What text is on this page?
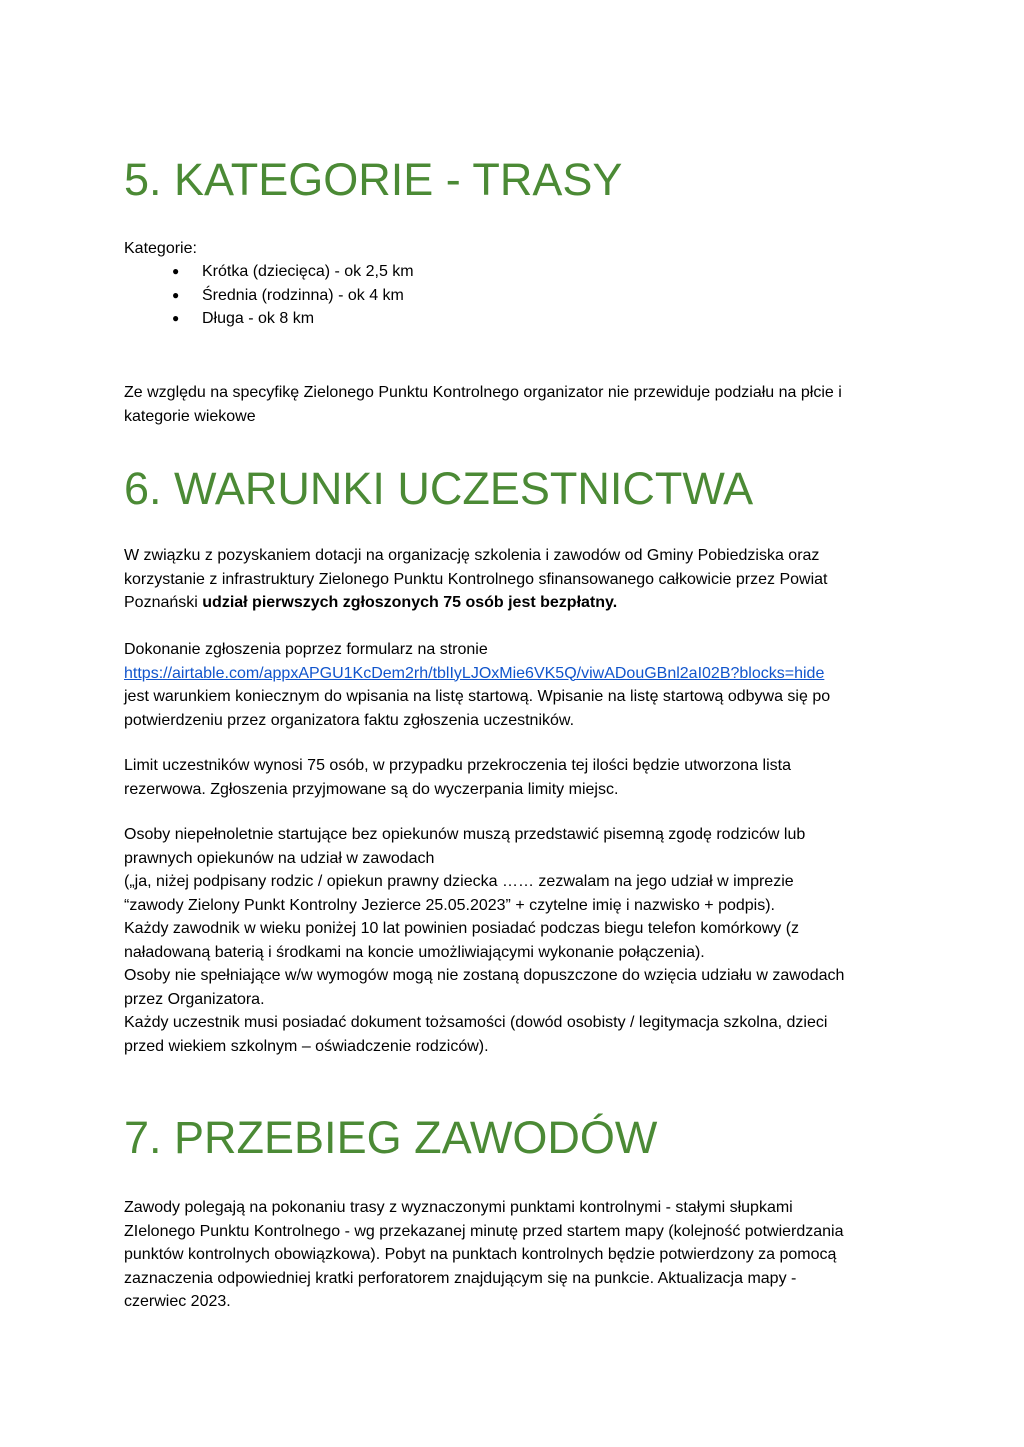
5. KATEGORIE - TRASY

Kategorie:

● Krótka (dziecięca) - ok 2,5 km
● Średnia (rodzinna) - ok 4 km
● Długa - ok 8 km

Ze względu na specyfikę Zielonego Punktu Kontrolnego organizator nie przewiduje podziału na płcie i
kategorie wiekowe

6. WARUNKI UCZESTNICTWA

W związku z pozyskaniem dotacji na organizację szkolenia i zawodów od Gminy Pobiedziska oraz
korzystanie z infrastruktury Zielonego Punktu Kontrolnego sfinansowanego całkowicie przez Powiat
Poznański udział pierwszych zgłoszonych 75 osób jest bezpłatny.

Dokonanie zgłoszenia poprzez formularz na stronie
https://airtable.com/appxAPGU1KcDem2rh/tblIyLJOxMie6VK5Q/viwADouGBnl2aI02B?blocks=hide
jest warunkiem koniecznym do wpisania na listę startową. Wpisanie na listę startową odbywa się po
potwierdzeniu przez organizatora faktu zgłoszenia uczestników.

Limit uczestników wynosi 75 osób, w przypadku przekroczenia tej ilości będzie utworzona lista
rezerwowa. Zgłoszenia przyjmowane są do wyczerpania limity miejsc.

Osoby niepełnoletnie startujące bez opiekunów muszą przedstawić pisemną zgodę rodziców lub
prawnych opiekunów na udział w zawodach
(„ja, niżej podpisany rodzic / opiekun prawny dziecka …… zezwalam na jego udział w imprezie
“zawody Zielony Punkt Kontrolny Jezierce 25.05.2023” + czytelne imię i nazwisko + podpis).
Każdy zawodnik w wieku poniżej 10 lat powinien posiadać podczas biegu telefon komórkowy (z
naładowaną baterią i środkami na koncie umożliwiającymi wykonanie połączenia).
Osoby nie spełniające w/w wymogów mogą nie zostaną dopuszczone do wzięcia udziału w zawodach
przez Organizatora.
Każdy uczestnik musi posiadać dokument tożsamości (dowód osobisty / legitymacja szkolna, dzieci
przed wiekiem szkolnym – oświadczenie rodziców).

7. PRZEBIEG ZAWODÓW

Zawody polegają na pokonaniu trasy z wyznaczonymi punktami kontrolnymi - stałymi słupkami
ZIelonego Punktu Kontrolnego - wg przekazanej minutę przed startem mapy (kolejność potwierdzania
punktów kontrolnych obowiązkowa). Pobyt na punktach kontrolnych będzie potwierdzony za pomocą
zaznaczenia odpowiedniej kratki perforatorem znajdującym się na punkcie. Aktualizacja mapy -
czerwiec 2023.
